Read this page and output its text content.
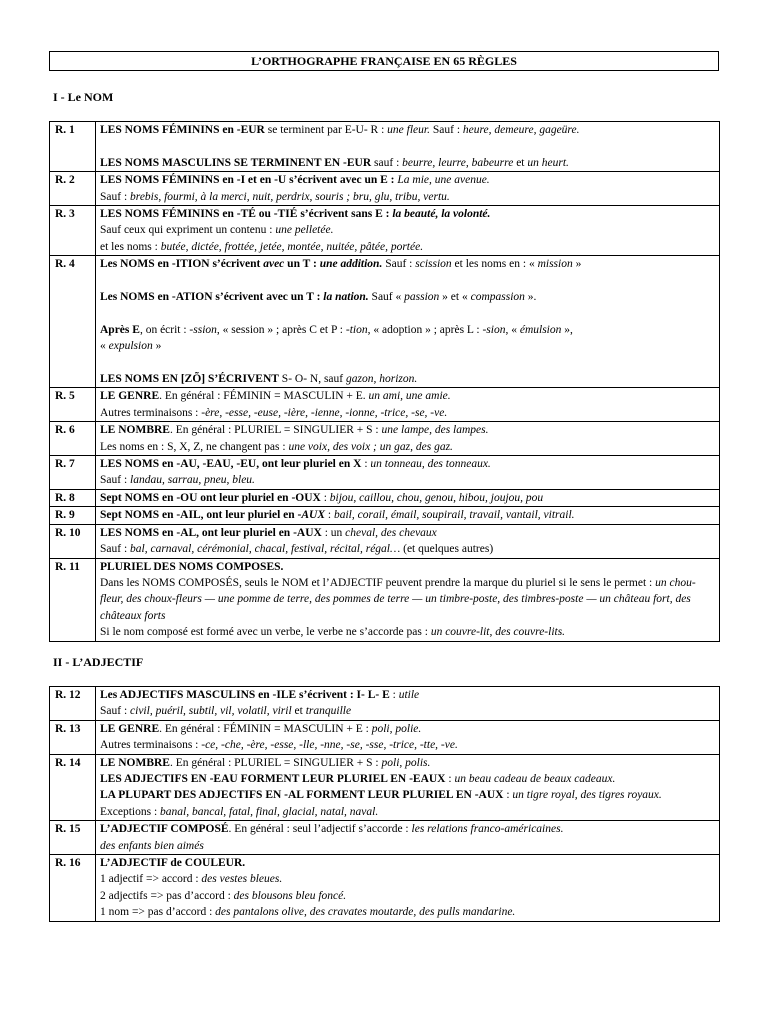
L’ORTHOGRAPHE FRANÇAISE EN 65 RÈGLES
I - Le NOM
R. 1	LES NOMS FÉMININS en -EUR se terminent par E-U- R : une fleur. Sauf : heure, demeure, gageüre.
LES NOMS MASCULINS SE TERMINENT EN -EUR sauf : beurre, leurre, babeurre et un heurt.

R. 2	LES NOMS FÉMININS en -I et en -U s’écrivent avec un E : La mie, une avenue.
Sauf : brebis, fourmi, à la merci, nuit, perdrix, souris ; bru, glu, tribu, vertu.

R. 3	LES NOMS FÉMININS en -TÉ ou -TIÉ s’écrivent sans E : la beauté, la volonté.
Sauf ceux qui expriment un contenu : une pelletée.
et les noms : butée, dictée, frottée, jetée, montée, nuitée, pâtée, portée.

R. 4	Les NOMS en -ITION s’écrivent avec un T : une addition. Sauf : scission et les noms en : « mission »
Les NOMS en -ATION s’écrivent avec un T : la nation. Sauf « passion » et « compassion ».
Après E, on écrit : -ssion, « session » ; après C et P : -tion, « adoption » ; après L : -sion, « émulsion »,
« expulsion »
LES NOMS EN [ZÕ] S’ÉCRIVENT S- O- N, sauf gazon, horizon.

R. 5	LE GENRE. En général : FÉMININ = MASCULIN + E. un ami, une amie.
Autres terminaisons : -ère, -esse, -euse, -ière, -ienne, -ionne, -trice, -se, -ve.

R. 6	LE NOMBRE. En général : PLURIEL = SINGULIER + S : une lampe, des lampes.
Les noms en : S, X, Z, ne changent pas : une voix, des voix ; un gaz, des gaz.

R. 7	LES NOMS en -AU, -EAU, -EU, ont leur pluriel en X : un tonneau, des tonneaux.
Sauf : landau, sarrau, pneu, bleu.

R. 8	Sept NOMS en -OU ont leur pluriel en -OUX : bijou, caillou, chou, genou, hibou, joujou, pou

R. 9	Sept NOMS en -AIL, ont leur pluriel en -AUX : bail, corail, émail, soupirail, travail, vantail, vitrail.

R. 10	LES NOMS en -AL, ont leur pluriel en -AUX : un cheval, des chevaux
Sauf : bal, carnaval, cérémonial, chacal, festival, récital, régal… (et quelques autres)

R. 11	PLURIEL DES NOMS COMPOSES.
Dans les NOMS COMPOSÉS, seuls le NOM et l’ADJECTIF peuvent prendre la marque du pluriel si le sens le permet : un chou- fleur, des choux-fleurs — une pomme de terre, des pommes de terre — un timbre-poste, des timbres-poste — un château fort, des châteaux forts
Si le nom composé est formé avec un verbe, le verbe ne s’accorde pas : un couvre-lit, des couvre-lits.
II - L’ADJECTIF
R. 12	Les ADJECTIFS MASCULINS en -ILE s’écrivent : I- L- E : utile
Sauf : civil, puéril, subtil, vil, volatil, viril et tranquille

R. 13	LE GENRE. En général : FÉMININ = MASCULIN + E : poli, polie.
Autres terminaisons : -ce, -che, -ère, -esse, -lle, -nne, -se, -sse, -trice, -tte, -ve.

R. 14	LE NOMBRE. En général : PLURIEL = SINGULIER + S : poli, polis.
LES ADJECTIFS EN -EAU FORMENT LEUR PLURIEL EN -EAUX : un beau cadeau de beaux cadeaux.
LA PLUPART DES ADJECTIFS EN -AL FORMENT LEUR PLURIEL EN -AUX : un tigre royal, des tigres royaux. Exceptions : banal, bancal, fatal, final, glacial, natal, naval.

R. 15	L’ADJECTIF COMPOSÉ. En général : seul l’adjectif s’accorde : les relations franco-américaines.
des enfants bien aimés

R. 16	L’ADJECTIF de COULEUR.
1 adjectif => accord : des vestes bleues.
2 adjectifs => pas d’accord : des blousons bleu foncé.
1 nom => pas d’accord : des pantalons olive, des cravates moutarde, des pulls mandarine.
